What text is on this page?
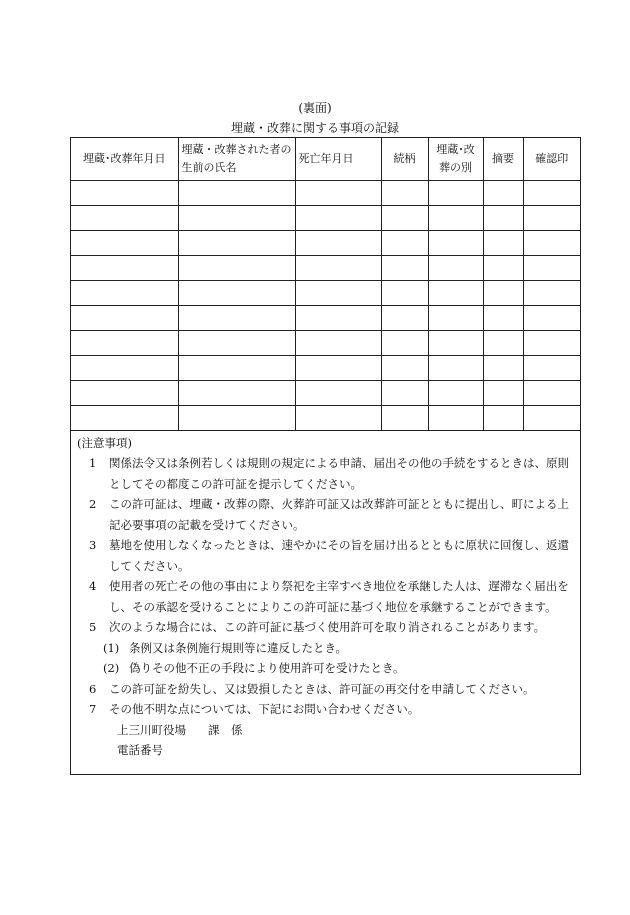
(裏面)
埋蔵・改葬に関する事項の記録
埋蔵･改葬年月日	埋蔵・改葬された者の生前の氏名	死亡年月日	続柄	埋蔵･改葬の別	摘要	確認印

(注意事項)
1 関係法令又は条例若しくは規則の規定による申請、届出その他の手続をするときは、原則としてその都度この許可証を提示してください。
2 この許可証は、埋蔵・改葬の際、火葬許可証又は改葬許可証とともに提出し、町による上記必要事項の記載を受けてください。
3 墓地を使用しなくなったときは、速やかにその旨を届け出るとともに原状に回復し、返還してください。
4 使用者の死亡その他の事由により祭祀を主宰すべき地位を承継した人は、遅滞なく届出をし、その承認を受けることによりこの許可証に基づく地位を承継することができます。
5 次のような場合には、この許可証に基づく使用許可を取り消されることがあります。
(1) 条例又は条例施行規則等に違反したとき。
(2) 偽りその他不正の手段により使用許可を受けたとき。
6 この許可証を紛失し、又は毀損したときは、許可証の再交付を申請してください。
7 その他不明な点については、下記にお問い合わせください。
上三川町役場 課　係
電話番号
